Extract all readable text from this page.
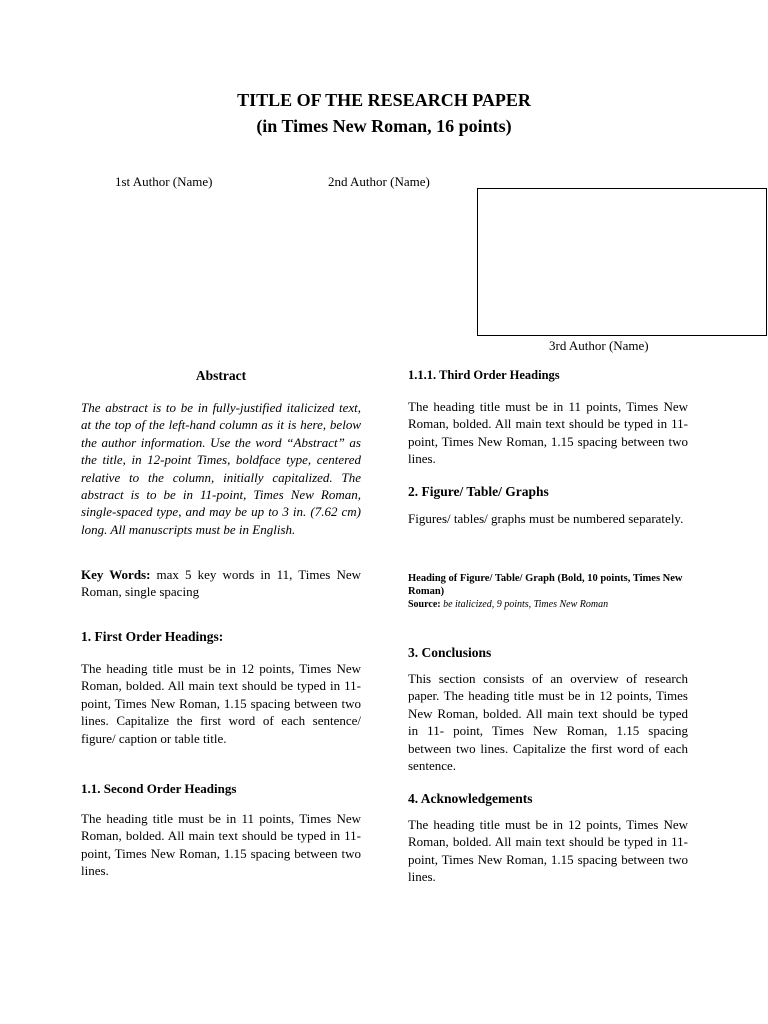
TITLE OF THE RESEARCH PAPER
(in Times New Roman, 16 points)
1st Author (Name)	2nd Author (Name)
3rd Author (Name)
Abstract

The abstract is to be in fully-justified italicized text, at the top of the left-hand column as it is here, below the author information. Use the word “Abstract” as the title, in 12-point Times, boldface type, centered relative to the column, initially capitalized. The abstract is to be in 11-point, Times New Roman, single-spaced type, and may be up to 3 in. (7.62 cm) long. All manuscripts must be in English.

Key Words: max 5 key words in 11, Times New Roman, single spacing

1. First Order Headings:

The heading title must be in 12 points, Times New Roman, bolded. All main text should be typed in 11- point, Times New Roman, 1.15 spacing between two lines. Capitalize the first word of each sentence/ figure/ caption or table title.

1.1. Second Order Headings

The heading title must be in 11 points, Times New Roman, bolded. All main text should be typed in 11- point, Times New Roman, 1.15 spacing between two lines.

1.1.1. Third Order Headings

The heading title must be in 11 points, Times New Roman, bolded. All main text should be typed in 11- point, Times New Roman, 1.15 spacing between two lines.

2. Figure/ Table/ Graphs

Figures/ tables/ graphs must be numbered separately.

Heading of Figure/ Table/ Graph (Bold, 10 points, Times New Roman)
Source: be italicized, 9 points, Times New Roman
3. Conclusions

This section consists of an overview of research paper. The heading title must be in 12 points, Times New Roman, bolded. All main text should be typed in 11- point, Times New Roman, 1.15 spacing between two lines. Capitalize the first word of each sentence.

4. Acknowledgements

The heading title must be in 12 points, Times New Roman, bolded. All main text should be typed in 11- point, Times New Roman, 1.15 spacing between two lines.
